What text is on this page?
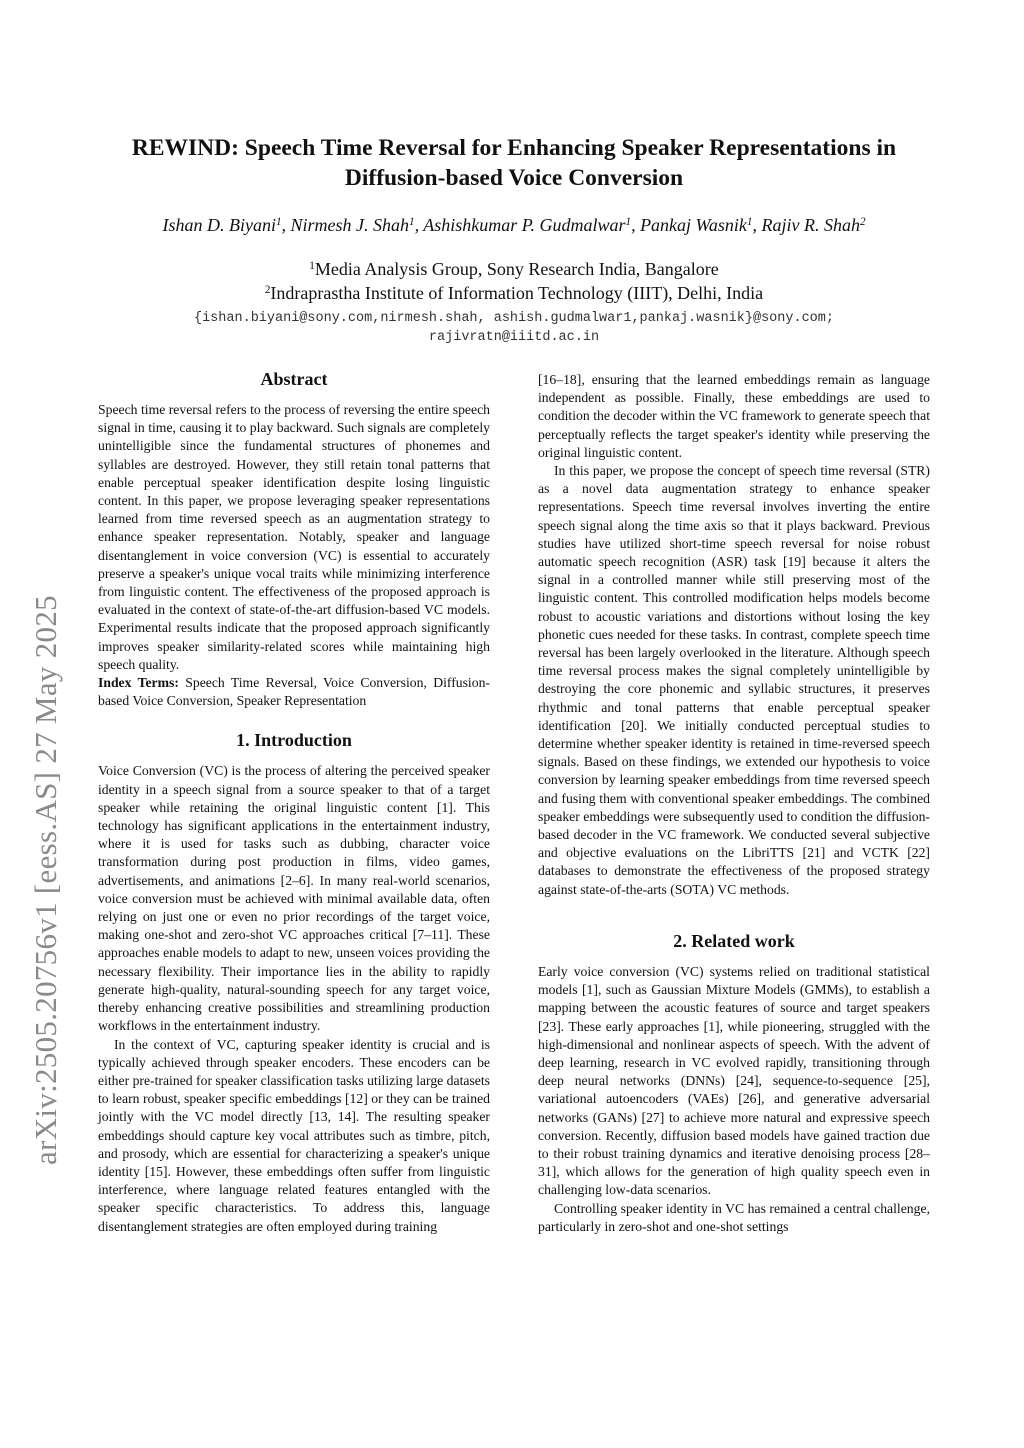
arXiv:2505.20756v1 [eess.AS] 27 May 2025
REWIND: Speech Time Reversal for Enhancing Speaker Representations in
Diffusion-based Voice Conversion
Ishan D. Biyani$^1$, Nirmesh J. Shah$^1$, Ashishkumar P. Gudmalwar$^1$, Pankaj Wasnik$^1$, Rajiv R. Shah$^2$
$^1$Media Analysis Group, Sony Research India, Bangalore
$^2$Indraprastha Institute of Information Technology (IIIT), Delhi, India
{ishan.biyani@sony.com,nirmesh.shah, ashish.gudmalwar1,pankaj.wasnik}@sony.com;
rajivratn@iiitd.ac.in
Abstract

Speech time reversal refers to the process of reversing the entire speech signal in time, causing it to play backward. Such signals are completely unintelligible since the fundamental structures of phonemes and syllables are destroyed. However, they still retain tonal patterns that enable perceptual speaker identification despite losing linguistic content. In this paper, we propose leveraging speaker representations learned from time reversed speech as an augmentation strategy to enhance speaker representation. Notably, speaker and language disentanglement in voice conversion (VC) is essential to accurately preserve a speaker's unique vocal traits while minimizing interference from linguistic content. The effectiveness of the proposed approach is evaluated in the context of state-of-the-art diffusion-based VC models. Experimental results indicate that the proposed approach significantly improves speaker similarity-related scores while maintaining high speech quality.

Index Terms: Speech Time Reversal, Voice Conversion, Diffusion-based Voice Conversion, Speaker Representation

1. Introduction

Voice Conversion (VC) is the process of altering the perceived speaker identity in a speech signal from a source speaker to that of a target speaker while retaining the original linguistic content [1]. This technology has significant applications in the entertainment industry, where it is used for tasks such as dubbing, character voice transformation during post production in films, video games, advertisements, and animations [2–6]. In many real-world scenarios, voice conversion must be achieved with minimal available data, often relying on just one or even no prior recordings of the target voice, making one-shot and zero-shot VC approaches critical [7–11]. These approaches enable models to adapt to new, unseen voices providing the necessary flexibility. Their importance lies in the ability to rapidly generate high-quality, natural-sounding speech for any target voice, thereby enhancing creative possibilities and streamlining production workflows in the entertainment industry.

In the context of VC, capturing speaker identity is crucial and is typically achieved through speaker encoders. These encoders can be either pre-trained for speaker classification tasks utilizing large datasets to learn robust, speaker specific embeddings [12] or they can be trained jointly with the VC model directly [13, 14]. The resulting speaker embeddings should capture key vocal attributes such as timbre, pitch, and prosody, which are essential for characterizing a speaker's unique identity [15]. However, these embeddings often suffer from linguistic interference, where language related features entangled with the speaker specific characteristics. To address this, language disentanglement strategies are often employed during training

[16–18], ensuring that the learned embeddings remain as language independent as possible. Finally, these embeddings are used to condition the decoder within the VC framework to generate speech that perceptually reflects the target speaker's identity while preserving the original linguistic content.

In this paper, we propose the concept of speech time reversal (STR) as a novel data augmentation strategy to enhance speaker representations. Speech time reversal involves inverting the entire speech signal along the time axis so that it plays backward. Previous studies have utilized short-time speech reversal for noise robust automatic speech recognition (ASR) task [19] because it alters the signal in a controlled manner while still preserving most of the linguistic content. This controlled modification helps models become robust to acoustic variations and distortions without losing the key phonetic cues needed for these tasks. In contrast, complete speech time reversal has been largely overlooked in the literature. Although speech time reversal process makes the signal completely unintelligible by destroying the core phonemic and syllabic structures, it preserves rhythmic and tonal patterns that enable perceptual speaker identification [20]. We initially conducted perceptual studies to determine whether speaker identity is retained in time-reversed speech signals. Based on these findings, we extended our hypothesis to voice conversion by learning speaker embeddings from time reversed speech and fusing them with conventional speaker embeddings. The combined speaker embeddings were subsequently used to condition the diffusion-based decoder in the VC framework. We conducted several subjective and objective evaluations on the LibriTTS [21] and VCTK [22] databases to demonstrate the effectiveness of the proposed strategy against state-of-the-arts (SOTA) VC methods.

2. Related work

Early voice conversion (VC) systems relied on traditional statistical models [1], such as Gaussian Mixture Models (GMMs), to establish a mapping between the acoustic features of source and target speakers [23]. These early approaches [1], while pioneering, struggled with the high-dimensional and nonlinear aspects of speech. With the advent of deep learning, research in VC evolved rapidly, transitioning through deep neural networks (DNNs) [24], sequence-to-sequence [25], variational autoencoders (VAEs) [26], and generative adversarial networks (GANs) [27] to achieve more natural and expressive speech conversion. Recently, diffusion based models have gained traction due to their robust training dynamics and iterative denoising process [28–31], which allows for the generation of high quality speech even in challenging low-data scenarios.

Controlling speaker identity in VC has remained a central challenge, particularly in zero-shot and one-shot settings
